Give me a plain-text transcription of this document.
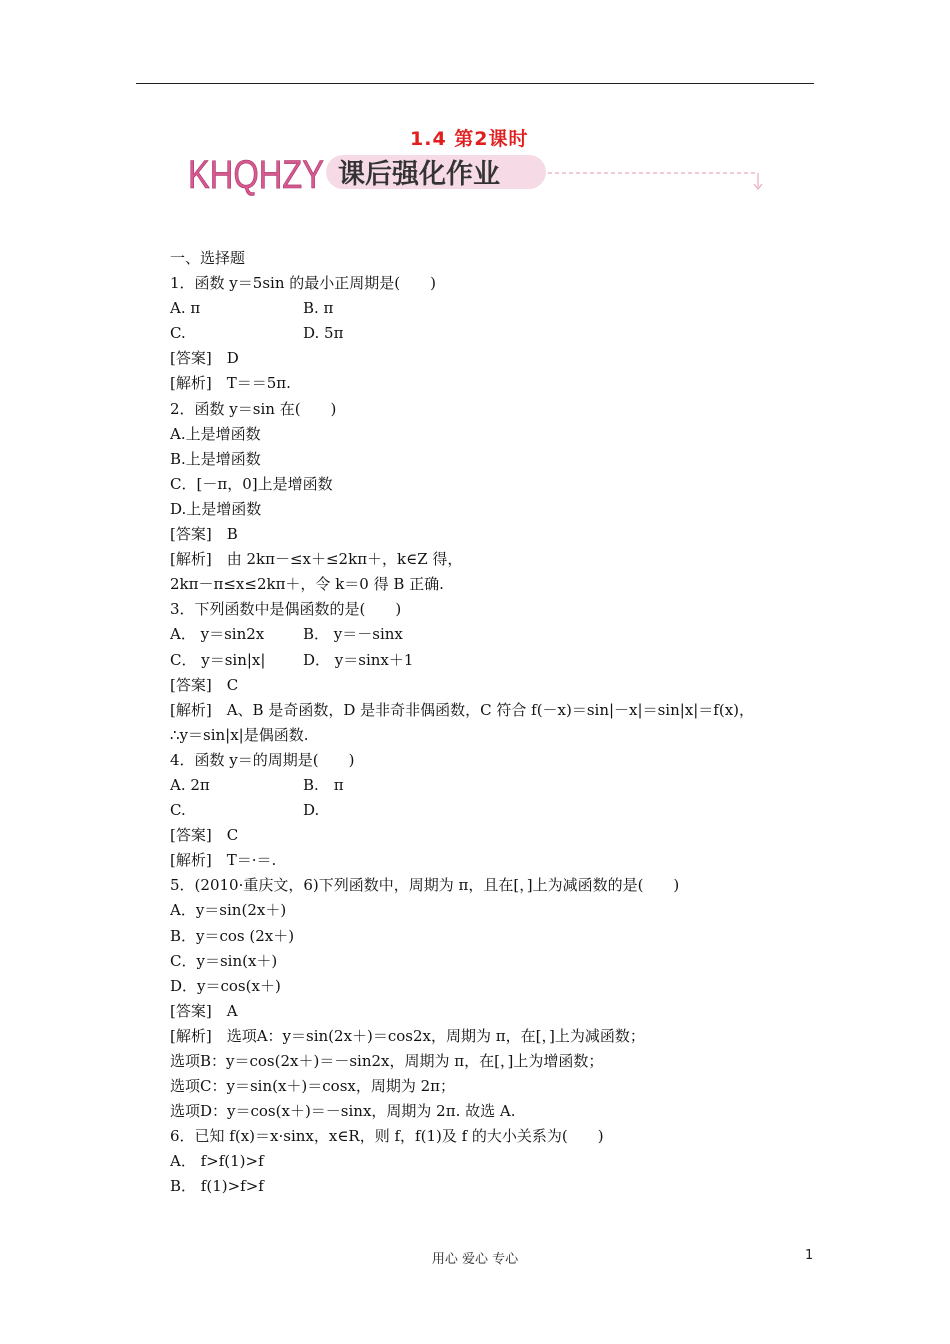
1.4 第2课时
KHQHZY 课后强化作业
一、选择题
1．函数 y＝5sin 的最小正周期是(　　)
A. π	B. π
C.	D. 5π
[答案]　D
[解析]　T＝＝5π.
2．函数 y＝sin 在(　　)
A.上是增函数
B.上是增函数
C．[－π，0]上是增函数
D.上是增函数
[答案]　B
[解析]　由 2kπ－≤x＋≤2kπ＋，k∈Z 得，
2kπ－π≤x≤2kπ＋，令 k＝0 得 B 正确.
3．下列函数中是偶函数的是(　　)
A． y＝sin2x	B． y＝－sinx
C． y＝sin|x|	D． y＝sinx＋1
[答案]　C
[解析]　A、B 是奇函数，D 是非奇非偶函数，C 符合 f(－x)＝sin|－x|＝sin|x|＝f(x)，
∴y＝sin|x|是偶函数.
4．函数 y＝的周期是(　　)
A. 2π	B.　π
C.	D.
[答案]　C
[解析]　T＝·＝.
5．(2010·重庆文，6)下列函数中，周期为 π，且在[，]上为减函数的是(　　)
A．y＝sin(2x＋)
B．y＝cos (2x＋)
C．y＝sin(x＋)
D．y＝cos(x＋)
[答案]　A
[解析]　选项A：y＝sin(2x＋)＝cos2x，周期为 π，在[，]上为减函数；
选项B：y＝cos(2x＋)＝－sin2x，周期为 π，在[，]上为增函数；
选项C：y＝sin(x＋)＝cosx，周期为 2π；
选项D：y＝cos(x＋)＝－sinx，周期为 2π. 故选 A.
6．已知 f(x)＝x·sinx，x∈R，则 f，f(1)及 f 的大小关系为(　　)
A． f>f(1)>f
B． f(1)>f>f
用心 爱心 专心	1
